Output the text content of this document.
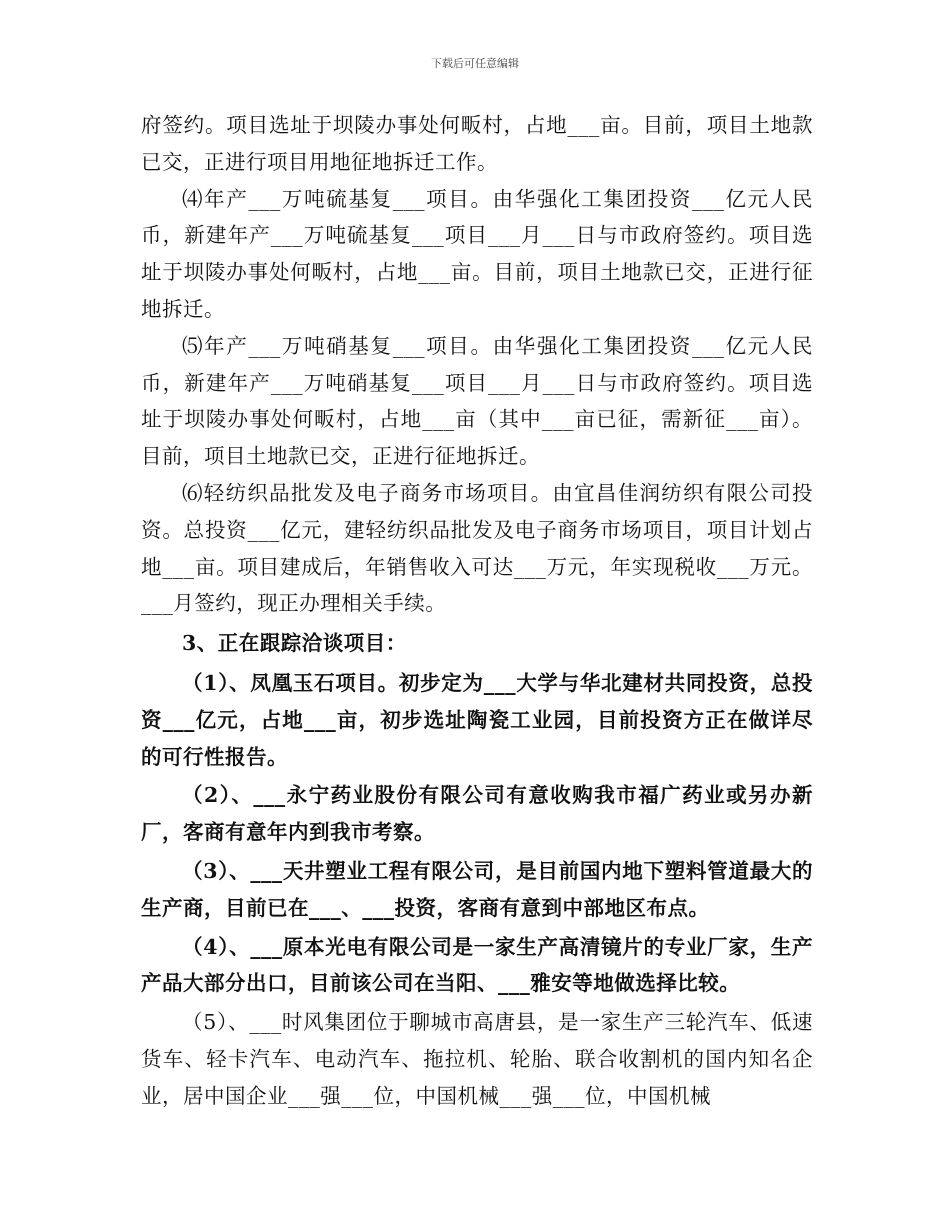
下载后可任意编辑

府签约。项目选址于坝陵办事处何畈村，占地___亩。目前，项目土地款已交，正进行项目用地征地拆迁工作。

⑷年产___万吨硫基复___项目。由华强化工集团投资___亿元人民币，新建年产___万吨硫基复___项目___月___日与市政府签约。项目选址于坝陵办事处何畈村，占地___亩。目前，项目土地款已交，正进行征地拆迁。

⑸年产___万吨硝基复___项目。由华强化工集团投资___亿元人民币，新建年产___万吨硝基复___项目___月___日与市政府签约。项目选址于坝陵办事处何畈村，占地___亩（其中___亩已征，需新征___亩）。目前，项目土地款已交，正进行征地拆迁。

⑹轻纺织品批发及电子商务市场项目。由宜昌佳润纺织有限公司投资。总投资___亿元，建轻纺织品批发及电子商务市场项目，项目计划占地___亩。项目建成后，年销售收入可达___万元，年实现税收___万元。___月签约，现正办理相关手续。

3、正在跟踪洽谈项目：

（1）、凤凰玉石项目。初步定为___大学与华北建材共同投资，总投资___亿元，占地___亩，初步选址陶瓷工业园，目前投资方正在做详尽的可行性报告。

（2）、___永宁药业股份有限公司有意收购我市福广药业或另办新厂，客商有意年内到我市考察。

（3）、___天井塑业工程有限公司，是目前国内地下塑料管道最大的生产商，目前已在___、___投资，客商有意到中部地区布点。

（4）、___原本光电有限公司是一家生产高清镜片的专业厂家，生产产品大部分出口，目前该公司在当阳、___雅安等地做选择比较。

（5）、___时风集团位于聊城市高唐县，是一家生产三轮汽车、低速货车、轻卡汽车、电动汽车、拖拉机、轮胎、联合收割机的国内知名企业，居中国企业___强___位，中国机械___强___位，中国机械
